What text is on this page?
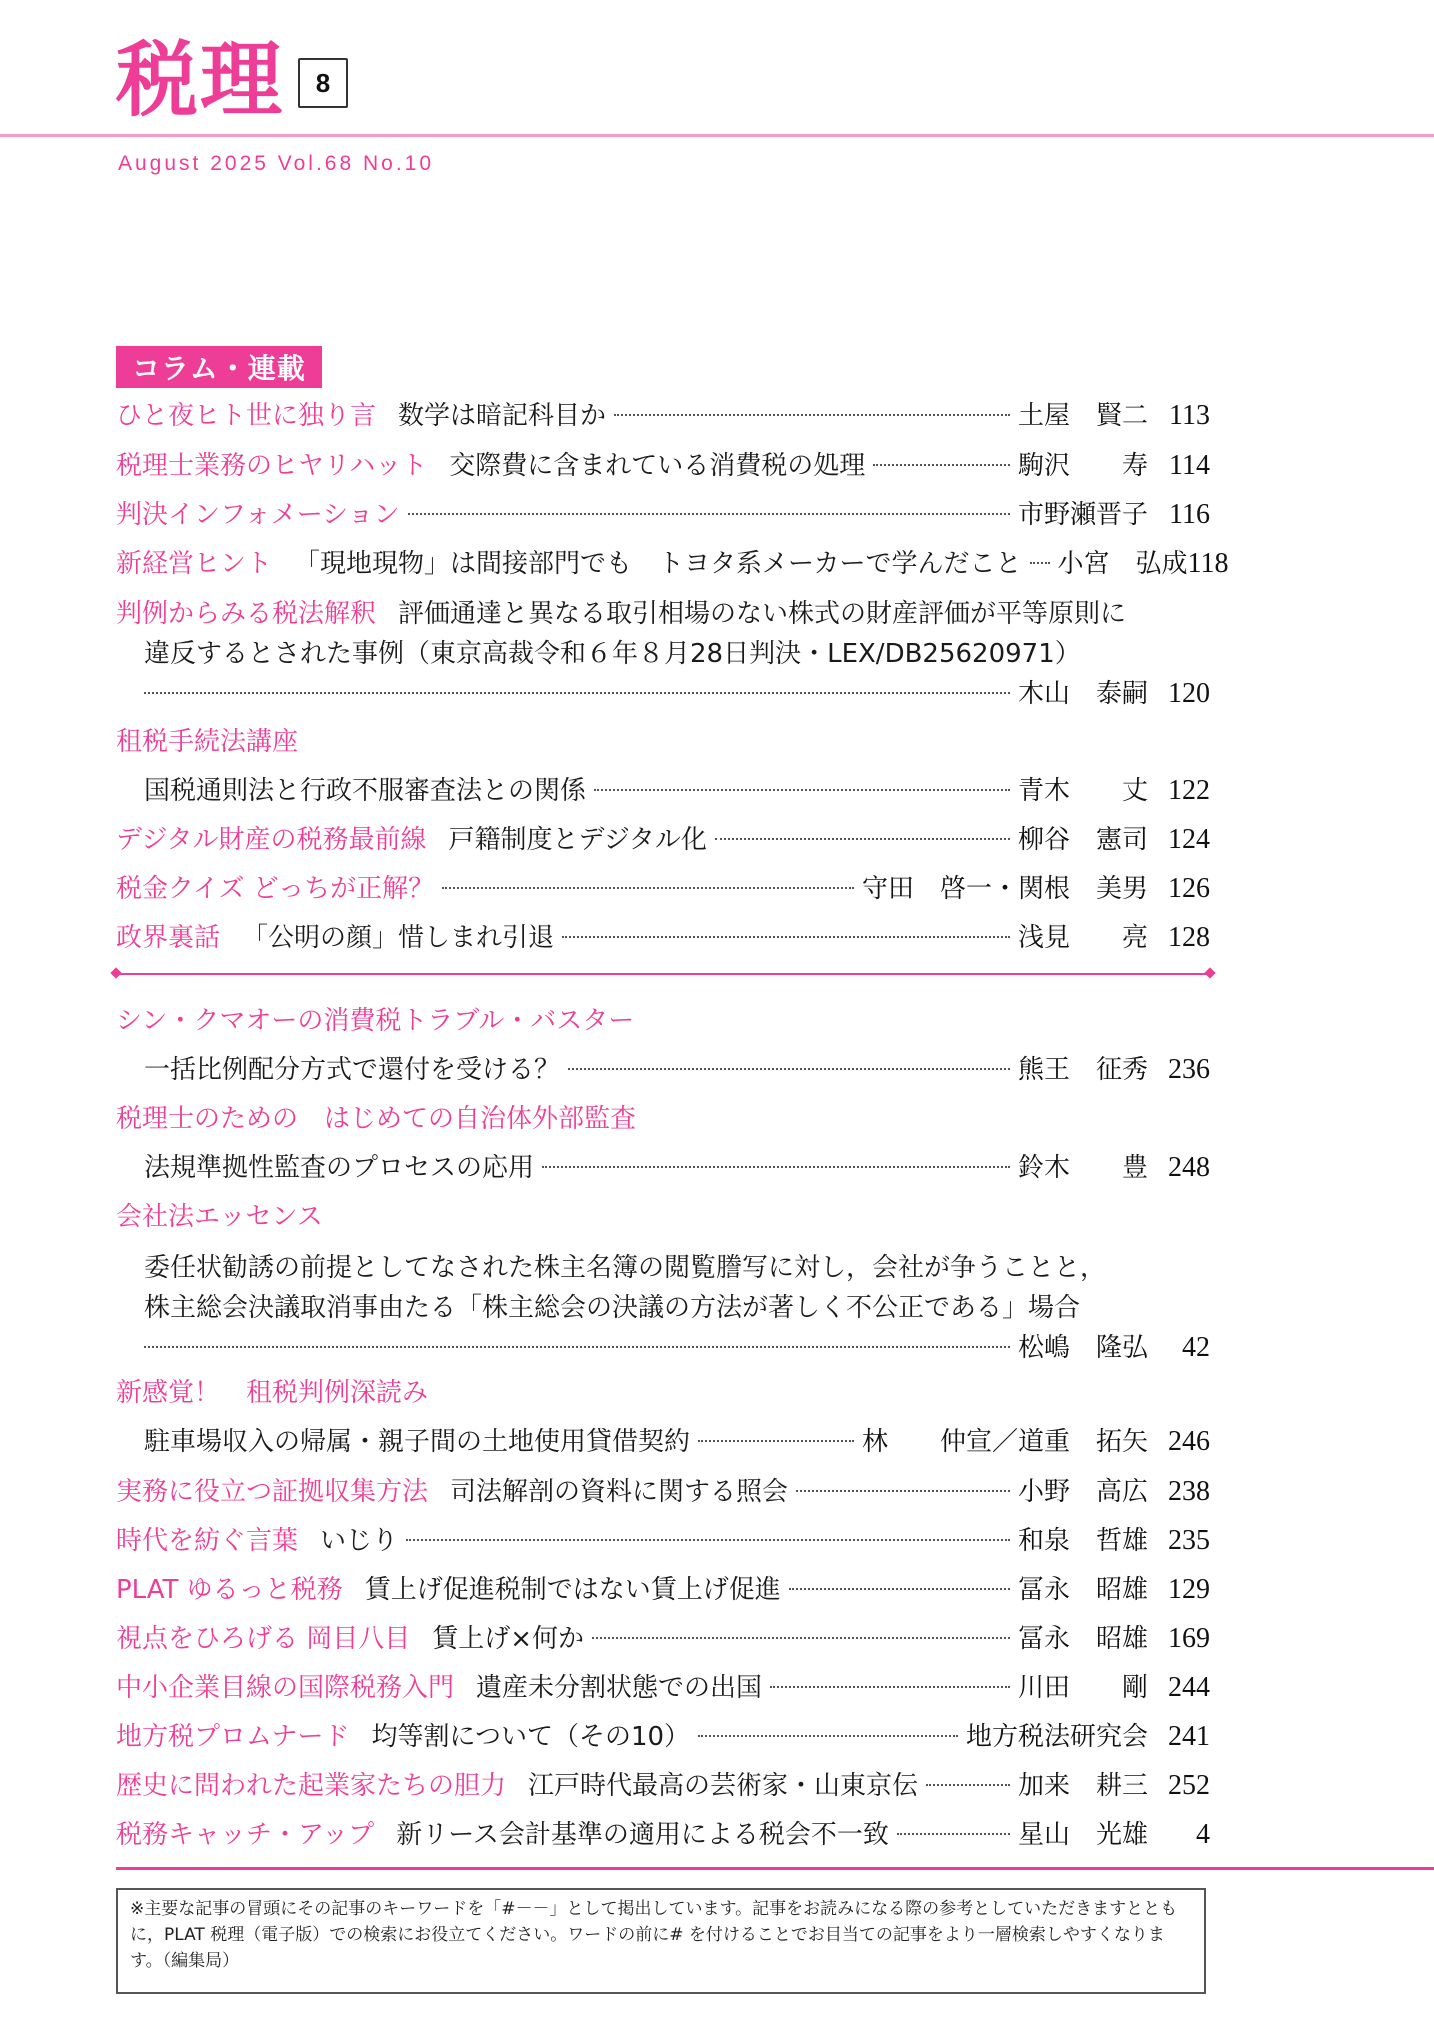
税理	8
August 2025 Vol.68 No.10
コラム・連載
ひと夜ヒト世に独り言 数学は暗記科目か	土屋　賢二 113
税理士業務のヒヤリハット 交際費に含まれている消費税の処理	駒沢　　寿 114
判決インフォメーション	市野瀬晋子 116
新経営ヒント 「現地現物」は間接部門でも　トヨタ系メーカーで学んだこと 小宮　弘成 118
判例からみる税法解釈 評価通達と異なる取引相場のない株式の財産評価が平等原則に
違反するとされた事例（東京高裁令和６年８月28日判決・LEX/DB25620971）
木山　泰嗣 120
租税手続法講座
国税通則法と行政不服審査法との関係	青木　　丈 122
デジタル財産の税務最前線 戸籍制度とデジタル化	柳谷　憲司 124
税金クイズ どっちが正解？	守田　啓一・関根　美男 126
政界裏話 「公明の顔」惜しまれ引退	浅見　　亮 128
シン・クマオーの消費税トラブル・バスター
一括比例配分方式で還付を受ける？	熊王　征秀 236
税理士のための　はじめての自治体外部監査
法規準拠性監査のプロセスの応用	鈴木　　豊 248
会社法エッセンス
委任状勧誘の前提としてなされた株主名簿の閲覧謄写に対し，会社が争うことと，
株主総会決議取消事由たる「株主総会の決議の方法が著しく不公正である」場合
松嶋　隆弘	42
新感覚！　租税判例深読み
駐車場収入の帰属・親子間の土地使用貸借契約	林　　仲宣／道重　拓矢 246
実務に役立つ証拠収集方法 司法解剖の資料に関する照会	小野　高広 238
時代を紡ぐ言葉 いじり	和泉　哲雄 235
PLAT ゆるっと税務 賃上げ促進税制ではない賃上げ促進	冨永　昭雄 129
視点をひろげる 岡目八目 賃上げ×何か	冨永　昭雄 169
中小企業目線の国際税務入門 遺産未分割状態での出国	川田　　剛 244
地方税プロムナード 均等割について（その10）	地方税法研究会 241
歴史に問われた起業家たちの胆力 江戸時代最高の芸術家・山東京伝	加来　耕三 252
税務キャッチ・アップ 新リース会計基準の適用による税会不一致	星山　光雄	4
※主要な記事の冒頭にその記事のキーワードを「#－－」として掲出しています。記事をお読みになる際の参考としていただきますとともに，PLAT 税理（電子版）での検索にお役立てください。ワードの前に# を付けることでお目当ての記事をより一層検索しやすくなります。（編集局）
